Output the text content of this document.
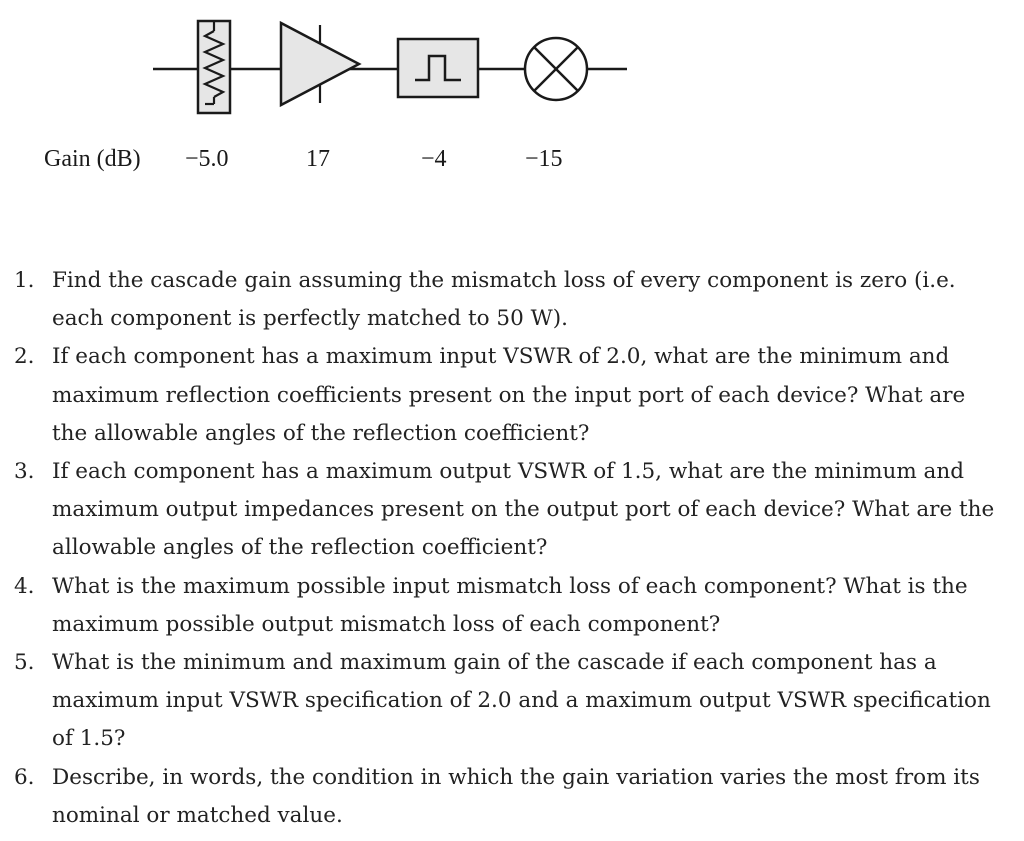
Gain (dB) −5.0	17	−4	−15
1. Find the cascade gain assuming the mismatch loss of every component is zero (i.e. each component is perfectly matched to 50 W).
2. If each component has a maximum input VSWR of 2.0, what are the minimum and maximum reflection coefficients present on the input port of each device? What are the allowable angles of the reflection coefficient?
3. If each component has a maximum output VSWR of 1.5, what are the minimum and maximum output impedances present on the output port of each device? What are the allowable angles of the reflection coefficient?
4. What is the maximum possible input mismatch loss of each component? What is the maximum possible output mismatch loss of each component?
5. What is the minimum and maximum gain of the cascade if each component has a maximum input VSWR specification of 2.0 and a maximum output VSWR specification of 1.5?
6. Describe, in words, the condition in which the gain variation varies the most from its nominal or matched value.
